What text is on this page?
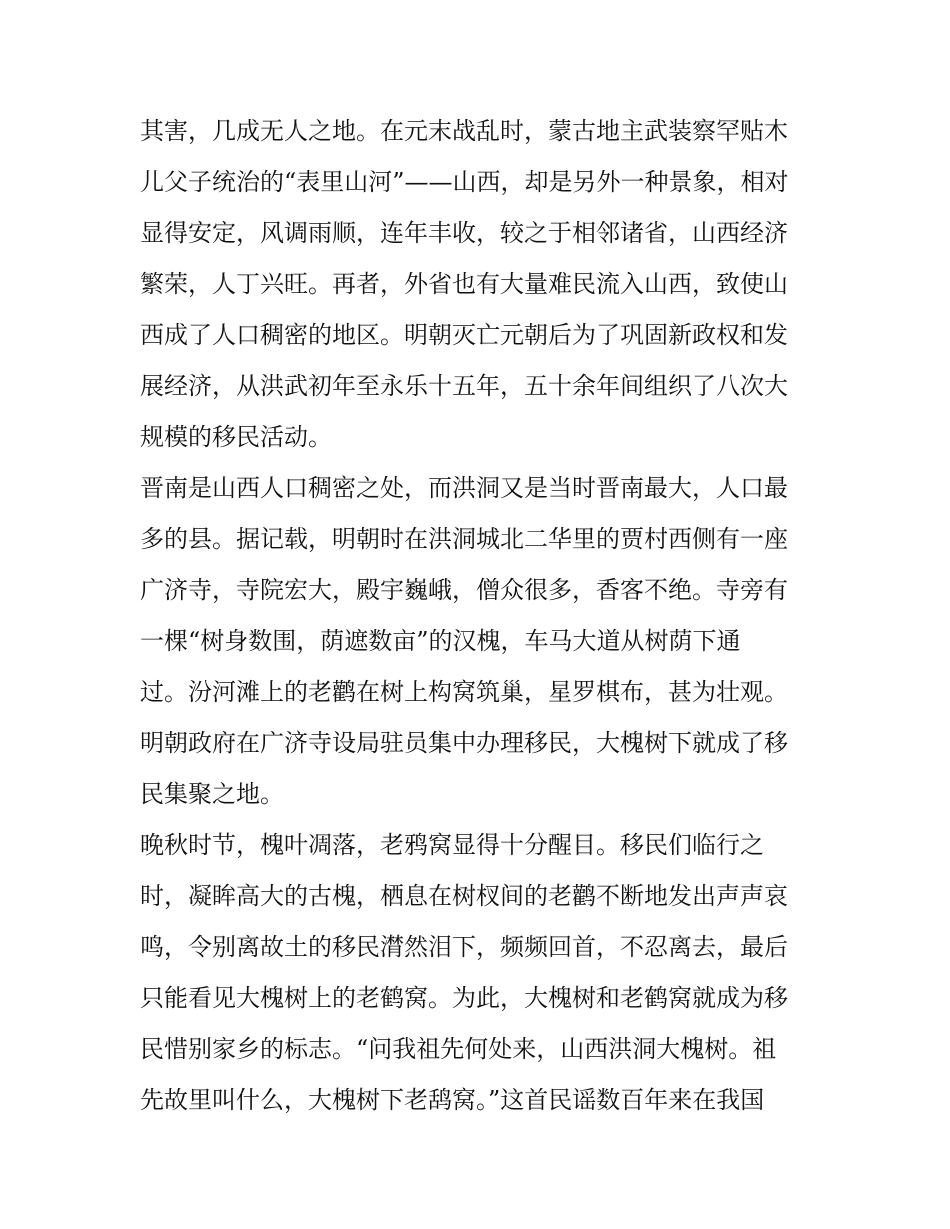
其害，几成无人之地。在元末战乱时，蒙古地主武装察罕贴木
儿父子统治的“表里山河”——山西，却是另外一种景象，相对
显得安定，风调雨顺，连年丰收，较之于相邻诸省，山西经济
繁荣，人丁兴旺。再者，外省也有大量难民流入山西，致使山
西成了人口稠密的地区。明朝灭亡元朝后为了巩固新政权和发
展经济，从洪武初年至永乐十五年，五十余年间组织了八次大
规模的移民活动。
晋南是山西人口稠密之处，而洪洞又是当时晋南最大，人口最
多的县。据记载，明朝时在洪洞城北二华里的贾村西侧有一座
广济寺，寺院宏大，殿宇巍峨，僧众很多，香客不绝。寺旁有
一棵“树身数围，荫遮数亩”的汉槐，车马大道从树荫下通
过。汾河滩上的老鹳在树上构窝筑巢，星罗棋布，甚为壮观。
明朝政府在广济寺设局驻员集中办理移民，大槐树下就成了移
民集聚之地。
晚秋时节，槐叶凋落，老鸦窝显得十分醒目。移民们临行之
时，凝眸高大的古槐，栖息在树杈间的老鹳不断地发出声声哀
鸣，令别离故土的移民潸然泪下，频频回首，不忍离去，最后
只能看见大槐树上的老鹤窝。为此，大槐树和老鹤窝就成为移
民惜别家乡的标志。“问我祖先何处来，山西洪洞大槐树。祖
先故里叫什么，大槐树下老鸹窝。”这首民谣数百年来在我国
